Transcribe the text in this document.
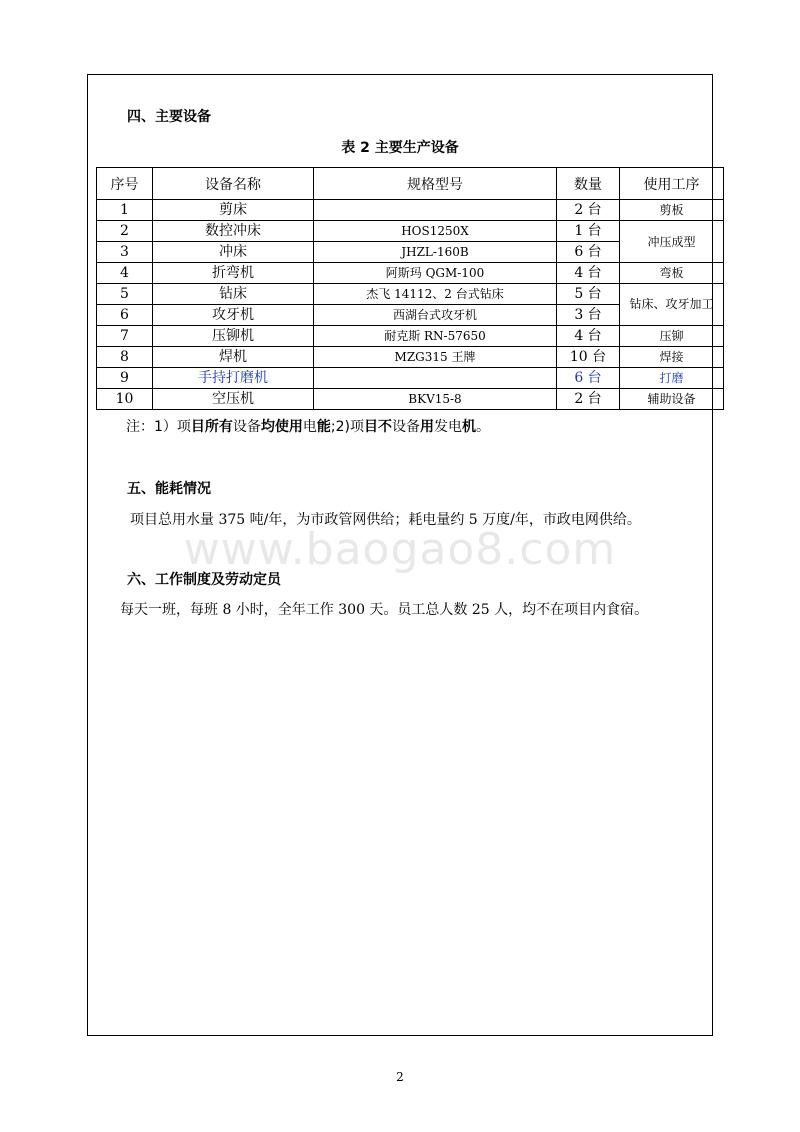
四、主要设备
表 2 主要生产设备
序号	设备名称	规格型号	数量	使用工序
1	剪床		2 台	剪板
2	数控冲床	HOS1250X	1 台	冲压成型
3	冲床	JHZL-160B	6 台	
4	折弯机	阿斯玛 QGM-100	4 台	弯板
5	钻床	杰飞 14112、2 台式钻床	5 台	钻床、攻牙加工
6	攻牙机	西湖台式攻牙机	3 台	
7	压铆机	耐克斯 RN-57650	4 台	压铆
8	焊机	MZG315 王牌	10 台	焊接
9	手持打磨机		6 台	打磨
10	空压机	BKV15-8	2 台	辅助设备
注：1）项目所有设备均使用电能;2)项目不设备用发电机。
五、能耗情况
项目总用水量 375 吨/年，为市政管网供给；耗电量约 5 万度/年，市政电网供给。
www.baogao8.com
六、工作制度及劳动定员
每天一班，每班 8 小时，全年工作 300 天。员工总人数 25 人，均不在项目内食宿。
2
